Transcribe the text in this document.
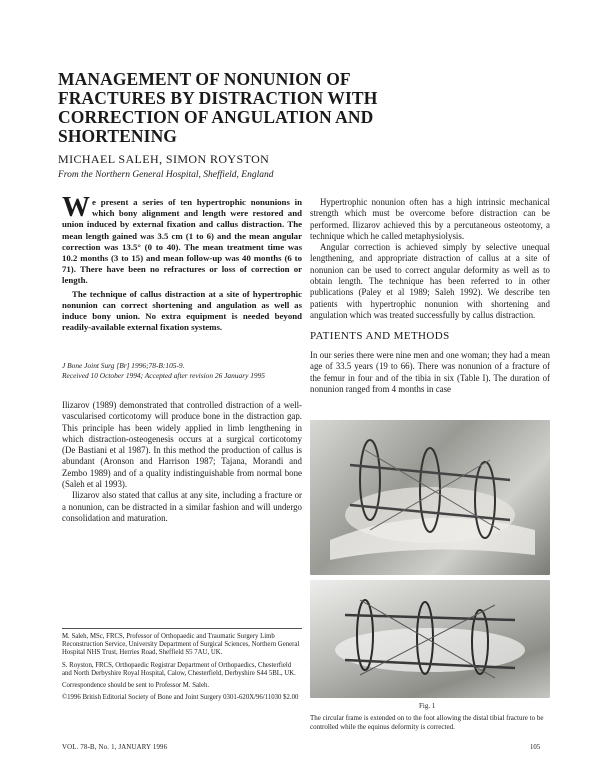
MANAGEMENT OF NONUNION OF FRACTURES BY DISTRACTION WITH CORRECTION OF ANGULATION AND SHORTENING
MICHAEL SALEH, SIMON ROYSTON
From the Northern General Hospital, Sheffield, England

We present a series of ten hypertrophic nonunions in which bony alignment and length were restored and union induced by external fixation and callus distraction. The mean length gained was 3.5 cm (1 to 6) and the mean angular correction was 13.5° (0 to 40). The mean treatment time was 10.2 months (3 to 15) and mean follow-up was 40 months (6 to 71). There have been no refractures or loss of correction or length.

The technique of callus distraction at a site of hypertrophic nonunion can correct shortening and angulation as well as induce bony union. No extra equipment is needed beyond readily-available external fixation systems.

J Bone Joint Surg [Br] 1996;78-B:105-9.
Received 10 October 1994; Accepted after revision 26 January 1995

Ilizarov (1989) demonstrated that controlled distraction of a well-vascularised corticotomy will produce bone in the distraction gap. This principle has been widely applied in limb lengthening in which distraction-osteogenesis occurs at a surgical corticotomy (De Bastiani et al 1987). In this method the production of callus is abundant (Aronson and Harrison 1987; Tajana, Morandi and Zembo 1989) and of a quality indistinguishable from normal bone (Saleh et al 1993).

Ilizarov also stated that callus at any site, including a fracture or a nonunion, can be distracted in a similar fashion and will undergo consolidation and maturation.

Hypertrophic nonunion often has a high intrinsic mechanical strength which must be overcome before distraction can be performed. Ilizarov achieved this by a percutaneous osteotomy, a technique which he called metaphysiolysis.

Angular correction is achieved simply by selective unequal lengthening, and appropriate distraction of callus at a site of nonunion can be used to correct angular deformity as well as to obtain length. The technique has been referred to in other publications (Paley et al 1989; Saleh 1992). We describe ten patients with hypertrophic nonunion with shortening and angulation which was treated successfully by callus distraction.

PATIENTS AND METHODS

In our series there were nine men and one woman; they had a mean age of 33.5 years (19 to 66). There was nonunion of a fracture of the femur in four and of the tibia in six (Table I). The duration of nonunion ranged from 4 months in case

Fig. 1
The circular frame is extended on to the foot allowing the distal tibial fracture to be controlled while the equinus deformity is corrected.

M. Saleh, MSc, FRCS, Professor of Orthopaedic and Traumatic Surgery Limb Reconstruction Service, University Department of Surgical Sciences, Northern General Hospital NHS Trust, Herries Road, Sheffield S5 7AU, UK.

S. Royston, FRCS, Orthopaedic Registrar Department of Orthopaedics, Chesterfield and North Derbyshire Royal Hospital, Calow, Chesterfield, Derbyshire S44 5BL, UK.

Correspondence should be sent to Professor M. Saleh.

©1996 British Editorial Society of Bone and Joint Surgery 0301-620X/96/11030 $2.00

VOL. 78-B, No. 1, JANUARY 1996	105
